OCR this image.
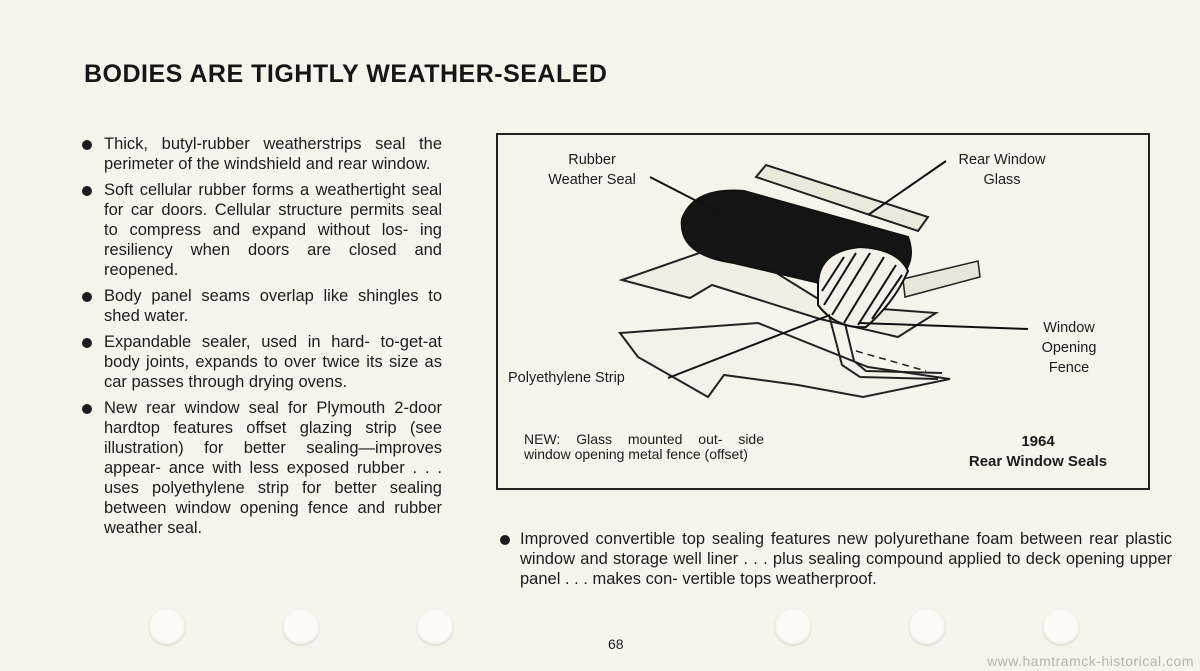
BODIES ARE TIGHTLY WEATHER-SEALED
Thick, butyl-rubber weatherstrips seal the perimeter of the windshield and rear window.
Soft cellular rubber forms a weathertight seal for car doors. Cellular structure permits seal to compress and expand without los- ing resiliency when doors are closed and reopened.
Body panel seams overlap like shingles to shed water.
Expandable sealer, used in hard- to-get-at body joints, expands to over twice its size as car passes through drying ovens.
New rear window seal for Plymouth 2-door hardtop features offset glazing strip (see illustration) for better sealing—improves appear- ance with less exposed rubber . . . uses polyethylene strip for better sealing between window opening fence and rubber weather seal.
Rubber
Weather Seal
Rear Window
Glass
Window
Opening
Fence
Polyethylene Strip
NEW: Glass mounted out- side window opening metal fence (offset)
1964
Rear Window Seals
Improved convertible top sealing features new polyurethane foam between rear plastic window and storage well liner . . . plus sealing compound applied to deck opening upper panel . . . makes con- vertible tops weatherproof.
68
www.hamtramck-historical.com
